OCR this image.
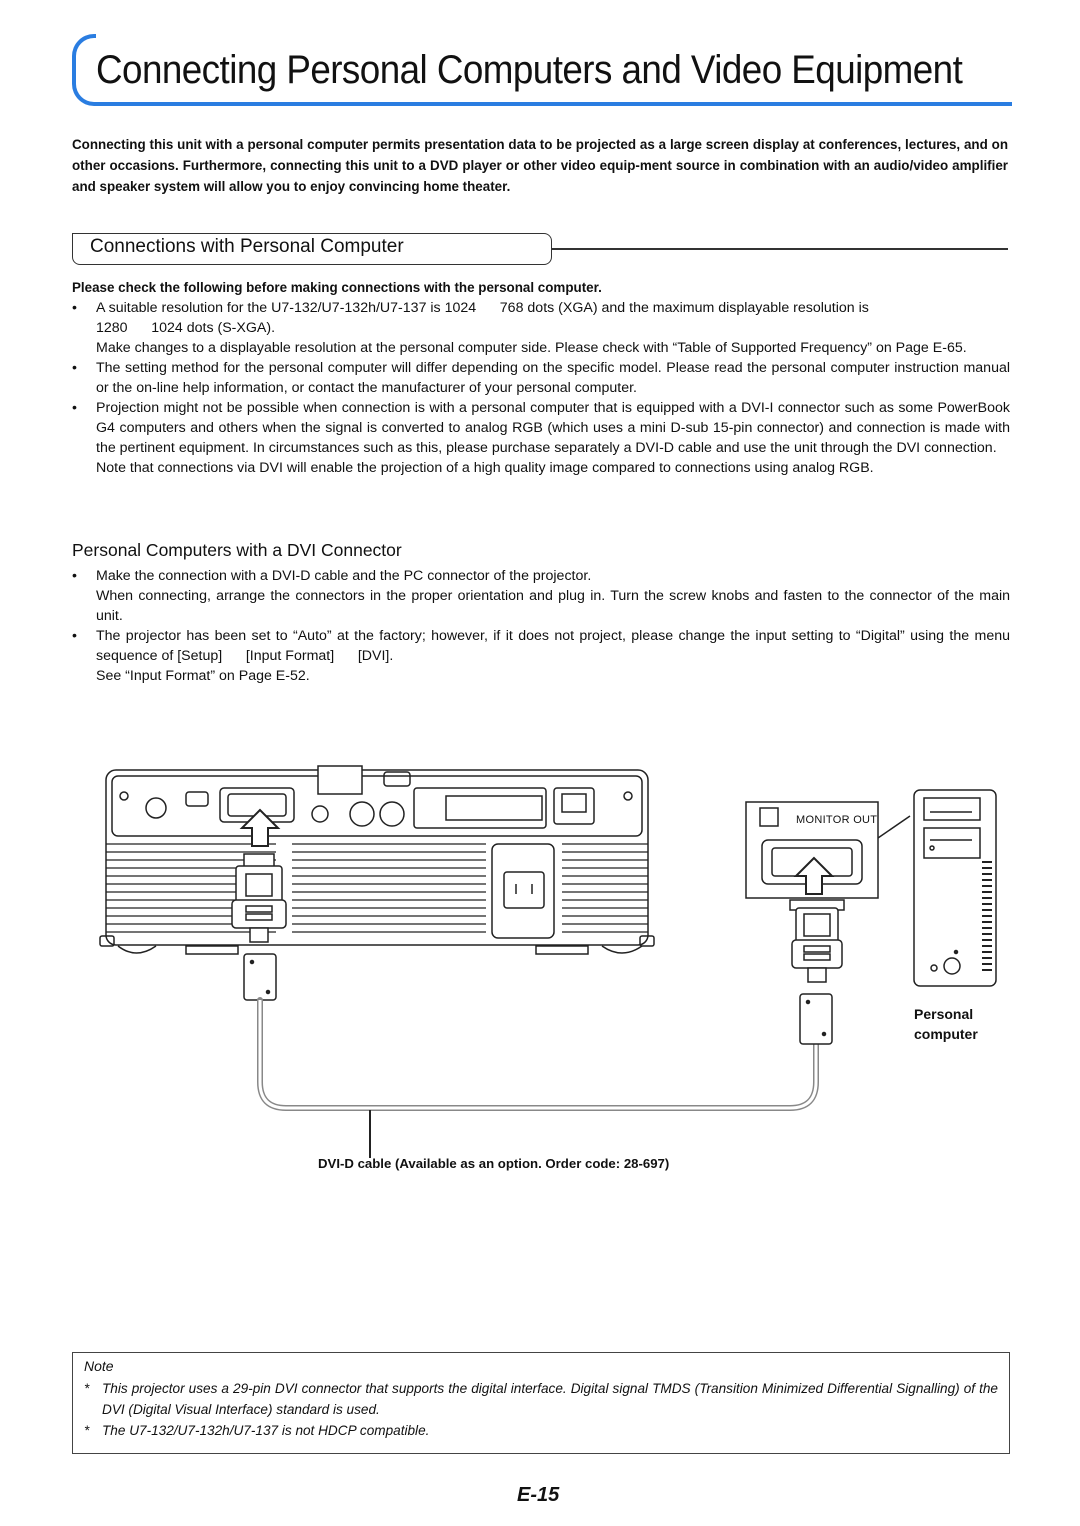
Connecting Personal Computers and Video Equipment
Connecting this unit with a personal computer permits presentation data to be projected as a large screen display at conferences, lectures, and on other occasions. Furthermore, connecting this unit to a DVD player or other video equip-ment source in combination with an audio/video amplifier and speaker system will allow you to enjoy convincing home theater.
Connections with Personal Computer
Please check the following before making connections with the personal computer.
•	A suitable resolution for the U7-132/U7-132h/U7-137 is 1024      768 dots (XGA) and the maximum displayable resolution is
1280      1024 dots (S-XGA).
Make changes to a displayable resolution at the personal computer side. Please check with “Table of Supported Frequency” on Page E-65.
•	The setting method for the personal computer will differ depending on the specific model. Please read the personal computer instruction manual or the on-line help information, or contact the manufacturer of your personal computer.
•	Projection might not be possible when connection is with a personal computer that is equipped with a DVI-I connector such as some PowerBook G4 computers and others when the signal is converted to analog RGB (which uses a mini D-sub 15-pin connector) and connection is made with the pertinent equipment. In circumstances such as this, please purchase separately a DVI-D cable and use the unit through the DVI connection.
Note that connections via DVI will enable the projection of a high quality image compared to connections using analog RGB.
Personal Computers with a DVI Connector
•	Make the connection with a DVI-D cable and the PC connector of the projector.
When connecting, arrange the connectors in the proper orientation and plug in. Turn the screw knobs and fasten to the connector of the main unit.
•	The projector has been set to “Auto” at the factory; however, if it does not project, please change the input setting to “Digital” using the menu sequence of [Setup]      [Input Format]      [DVI].
See “Input Format” on Page E-52.
MONITOR OUT
Personal
computer
DVI-D cable (Available as an option. Order code: 28-697)
Note
* This projector uses a 29-pin DVI connector that supports the digital interface. Digital signal TMDS (Transition Minimized Differential Signalling) of the DVI (Digital Visual Interface) standard is used.
* The U7-132/U7-132h/U7-137 is not HDCP compatible.
E-15
